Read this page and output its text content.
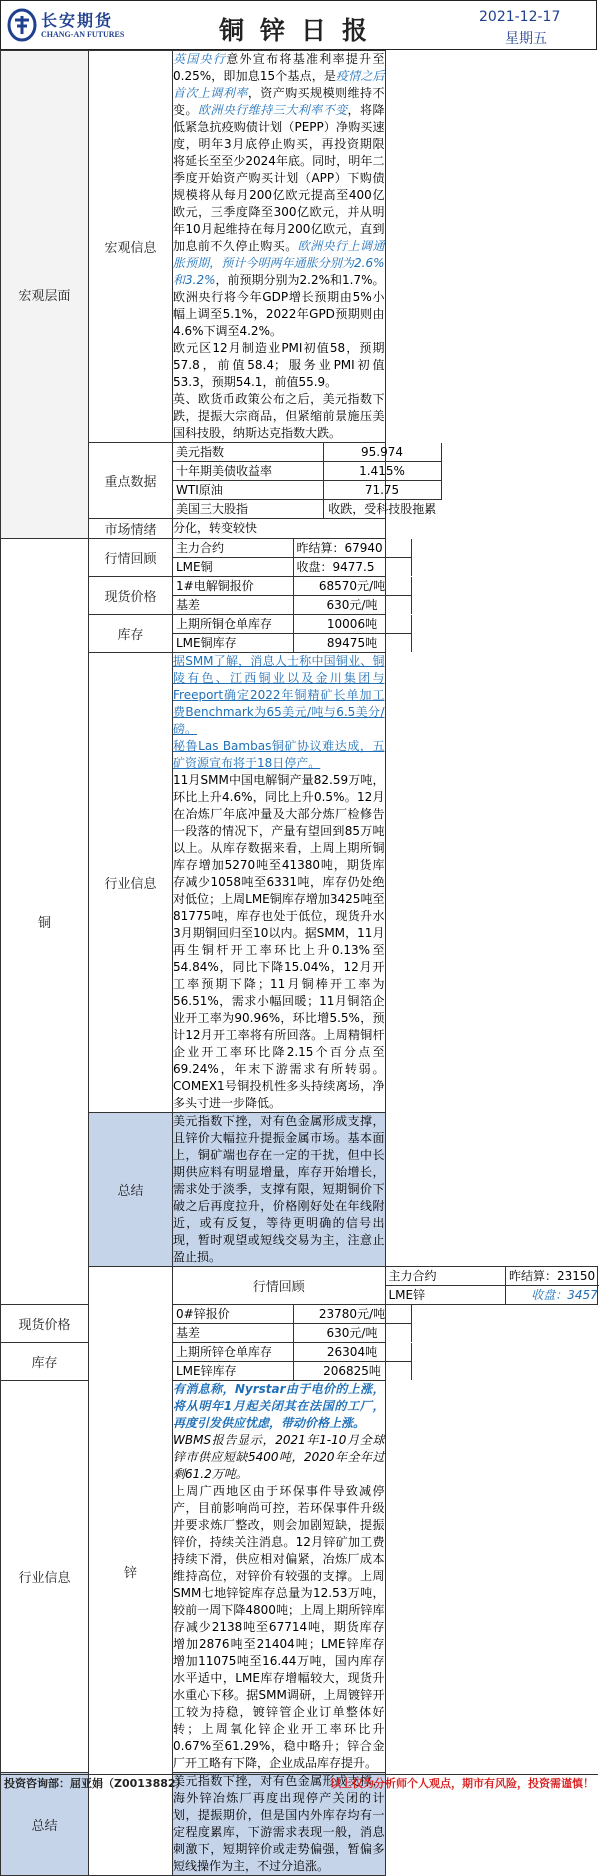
长安期货
CHANG-AN FUTURES	铜锌日报	2021-12-17
星期五
宏观层面	宏观信息	

英国央行意外宣布将基准利率提升至0.25%，即加息15个基点，是疫情之后首次上调利率，资产购买规模则维持不变。欧洲央行维持三大利率不变，将降低紧急抗疫购债计划（PEPP）净购买速度，明年3月底停止购买，再投资期限将延长至至少2024年底。同时，明年二季度开始资产购买计划（APP）下购债规模将从每月200亿欧元提高至400亿欧元，三季度降至300亿欧元，并从明年10月起维持在每月200亿欧元，直到加息前不久停止购买。欧洲央行上调通胀预期，预计今明两年通胀分别为2.6%和3.2%，前预期分别为2.2%和1.7%。欧洲央行将今年GDP增长预期由5%小幅上调至5.1%，2022年GPD预期则由4.6%下调至4.2%。

欧元区12月制造业PMI初值58，预期57.8，前值58.4；服务业PMI初值53.3，预期54.1，前值55.9。

英、欧货币政策公布之后，美元指数下跌，提振大宗商品，但紧缩前景施压美国科技股，纳斯达克指数大跌。

重点数据	
美元指数	95.974	
十年期美债收益率	1.415%	
WTI原油	71.75	
美国三大股指	收跌，受科技股拖累

市场情绪	分化，转变较快
铜	行情回顾	
主力合约	昨结算：67940	
LME铜	收盘：9477.5	

现货价格	
1#电解铜报价	68570元/吨	
基差	630元/吨	

库存	
上期所铜仓单库存	10006吨	
LME铜库存	89475吨	

行业信息	

据SMM了解，消息人士称中国铜业、铜陵有色、江西铜业以及金川集团与Freeport确定2022年铜精矿长单加工费Benchmark为65美元/吨与6.5美分/磅。

秘鲁Las Bambas铜矿协议难达成，五矿资源宣布将于18日停产。

11月SMM中国电解铜产量82.59万吨，环比上升4.6%，同比上升0.5%。12月在冶炼厂年底冲量及大部分炼厂检修告一段落的情况下，产量有望回到85万吨以上。从库存数据来看，上周上期所铜库存增加5270吨至41380吨，期货库存减少1058吨至6331吨，库存仍处绝对低位；上周LME铜库存增加3425吨至81775吨，库存也处于低位，现货升水3月期铜回归至10以内。据SMM，11月再生铜杆开工率环比上升0.13%至54.84%，同比下降15.04%，12月开工率预期下降；11月铜棒开工率为56.51%，需求小幅回暖；11月铜箔企业开工率为90.96%，环比增5.5%，预计12月开工率将有所回落。上周精铜杆企业开工率环比降2.15个百分点至69.24%，年末下游需求有所转弱。COMEX1号铜投机性多头持续离场，净多头寸进一步降低。

总结	美元指数下挫，对有色金属形成支撑，且锌价大幅拉升提振金属市场。基本面上，铜矿端也存在一定的干扰，但中长期供应料有明显增量，库存开始增长，需求处于淡季，支撑有限，短期铜价下破之后再度拉升，价格刚好处在年线附近，或有反复，等待更明确的信号出现，暂时观望或短线交易为主，注意止盈止损。
锌	行情回顾	
主力合约	昨结算：23150	
LME锌	收盘：3457	

现货价格	
0#锌报价	23780元/吨	
基差	630元/吨	

库存	
上期所锌仓单库存	26304吨	
LME锌库存	206825吨	

行业信息	

有消息称，Nyrstar由于电价的上涨，将从明年1月起关闭其在法国的工厂，再度引发供应忧虑，带动价格上涨。

WBMS报告显示，2021年1-10月全球锌市供应短缺5400吨，2020年全年过剩61.2万吨。

上周广西地区由于环保事件导致减停产，目前影响尚可控，若环保事件升级并要求炼厂整改，则会加剧短缺，提振锌价，持续关注消息。12月锌矿加工费持续下滑，供应相对偏紧，冶炼厂成本维持高位，对锌价有较强的支撑。上周SMM七地锌锭库存总量为12.53万吨，较前一周下降4800吨；上周上期所锌库存减少2138吨至67714吨，期货库存增加2876吨至21404吨；LME锌库存增加11075吨至16.44万吨，国内库存水平适中，LME库存增幅较大，现货升水重心下移。据SMM调研，上周镀锌开工较为持稳，镀锌管企业订单整体好转；上周氧化锌企业开工率环比升0.67%至61.29%，稳中略升；锌合金厂开工略有下降，企业成品库存提升。

总结	美元指数下挫，对有色金属形成支撑，海外锌冶炼厂再度出现停产关闭的计划，提振期价，但是国内外库存均有一定程度累库，下游需求表现一般，消息刺激下，短期锌价或走势偏强，暂偏多短线操作为主，不过分追涨。
投资咨询部：屈亚娟（Z0013882）	以上仅为分析师个人观点，期市有风险，投资需谨慎！
